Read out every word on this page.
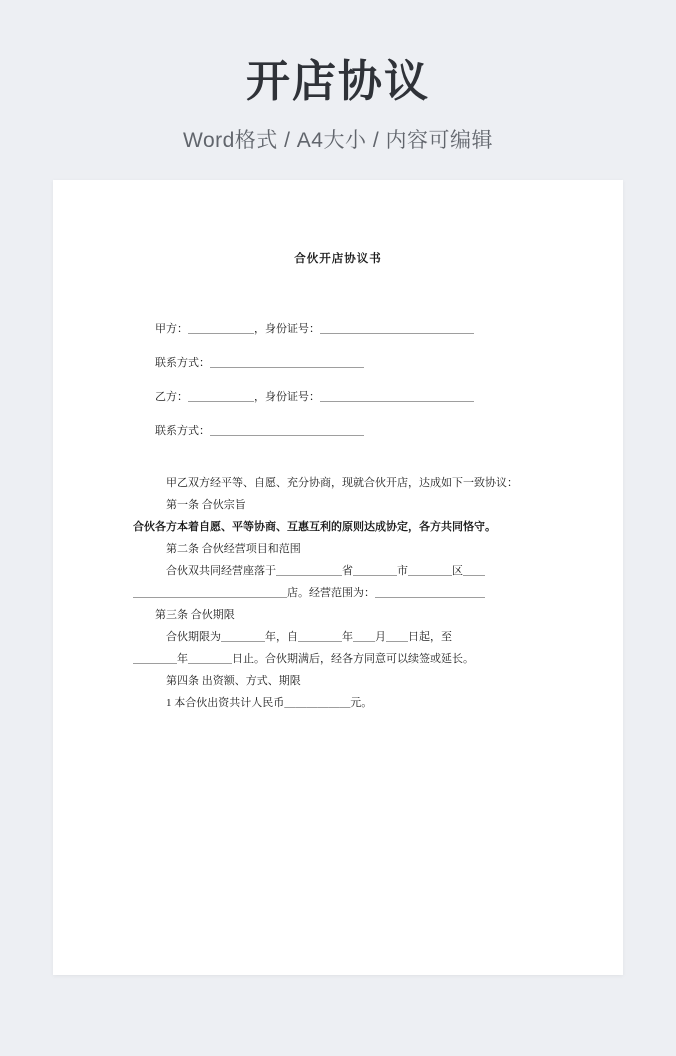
开店协议
Word格式 / A4大小 / 内容可编辑
合伙开店协议书
甲方：＿＿＿＿＿＿，身份证号：＿＿＿＿＿＿＿＿＿＿＿＿＿＿
联系方式：＿＿＿＿＿＿＿＿＿＿＿＿＿＿
乙方：＿＿＿＿＿＿，身份证号：＿＿＿＿＿＿＿＿＿＿＿＿＿＿
联系方式：＿＿＿＿＿＿＿＿＿＿＿＿＿＿
甲乙双方经平等、自愿、充分协商，现就合伙开店，达成如下一致协议：
第一条 合伙宗旨
合伙各方本着自愿、平等协商、互惠互利的原则达成协定，各方共同恪守。
第二条 合伙经营项目和范围
合伙双共同经营座落于＿＿＿＿＿＿省＿＿＿＿市＿＿＿＿区＿＿
＿＿＿＿＿＿＿＿＿＿＿＿＿＿店。经营范围为：＿＿＿＿＿＿＿＿＿＿
第三条 合伙期限
合伙期限为＿＿＿＿年，自＿＿＿＿年＿＿月＿＿日起，至
＿＿＿＿年＿＿＿＿日止。合伙期满后，经各方同意可以续签或延长。
第四条 出资额、方式、期限
1 本合伙出资共计人民币＿＿＿＿＿＿元。
